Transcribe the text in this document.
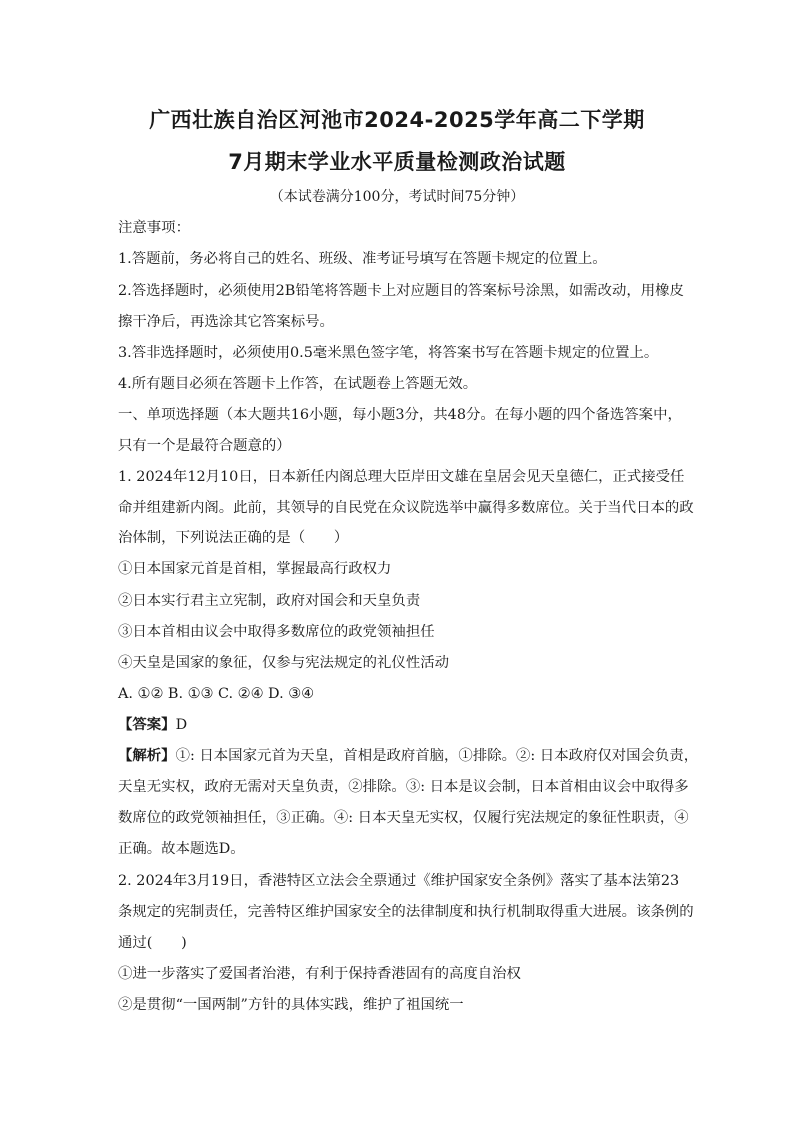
广西壮族自治区河池市2024-2025学年高二下学期
7月期末学业水平质量检测政治试题
（本试卷满分100分，考试时间75分钟）
注意事项：
1.答题前，务必将自己的姓名、班级、准考证号填写在答题卡规定的位置上。
2.答选择题时，必须使用2B铅笔将答题卡上对应题目的答案标号涂黑，如需改动，用橡皮
擦干净后，再选涂其它答案标号。
3.答非选择题时，必须使用0.5毫米黑色签字笔，将答案书写在答题卡规定的位置上。
4.所有题目必须在答题卡上作答，在试题卷上答题无效。
一、单项选择题（本大题共16小题，每小题3分，共48分。在每小题的四个备选答案中，
只有一个是最符合题意的）
1. 2024年12月10日，日本新任内阁总理大臣岸田文雄在皇居会见天皇德仁，正式接受任
命并组建新内阁。此前，其领导的自民党在众议院选举中赢得多数席位。关于当代日本的政
治体制，下列说法正确的是（　　）
①日本国家元首是首相，掌握最高行政权力
②日本实行君主立宪制，政府对国会和天皇负责
③日本首相由议会中取得多数席位的政党领袖担任
④天皇是国家的象征，仅参与宪法规定的礼仪性活动
A. ①② B. ①③ C. ②④ D. ③④
【答案】D
【解析】①: 日本国家元首为天皇，首相是政府首脑，①排除。②: 日本政府仅对国会负责，
天皇无实权，政府无需对天皇负责，②排除。③: 日本是议会制，日本首相由议会中取得多
数席位的政党领袖担任，③正确。④: 日本天皇无实权，仅履行宪法规定的象征性职责，④
正确。故本题选D。
2. 2024年3月19日，香港特区立法会全票通过《维护国家安全条例》落实了基本法第23
条规定的宪制责任，完善特区维护国家安全的法律制度和执行机制取得重大进展。该条例的
通过(　　)
①进一步落实了爱国者治港，有利于保持香港固有的高度自治权
②是贯彻“一国两制”方针的具体实践，维护了祖国统一
